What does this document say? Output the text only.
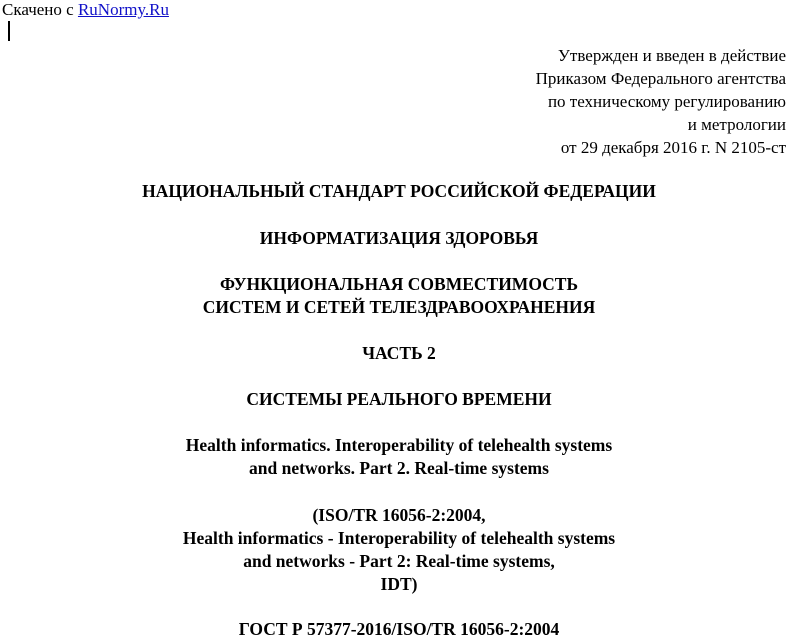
Скачено с RuNormy.Ru
Утвержден и введен в действие
Приказом Федерального агентства
по техническому регулированию
и метрологии
от 29 декабря 2016 г. N 2105-ст
НАЦИОНАЛЬНЫЙ СТАНДАРТ РОССИЙСКОЙ ФЕДЕРАЦИИ
ИНФОРМАТИЗАЦИЯ ЗДОРОВЬЯ
ФУНКЦИОНАЛЬНАЯ СОВМЕСТИМОСТЬ
СИСТЕМ И СЕТЕЙ ТЕЛЕЗДРАВООХРАНЕНИЯ
ЧАСТЬ 2
СИСТЕМЫ РЕАЛЬНОГО ВРЕМЕНИ
Health informatics. Interoperability of telehealth systems
and networks. Part 2. Real-time systems
(ISO/TR 16056-2:2004,
Health informatics - Interoperability of telehealth systems
and networks - Part 2: Real-time systems,
IDT)
ГОСТ Р 57377-2016/ISO/TR 16056-2:2004
